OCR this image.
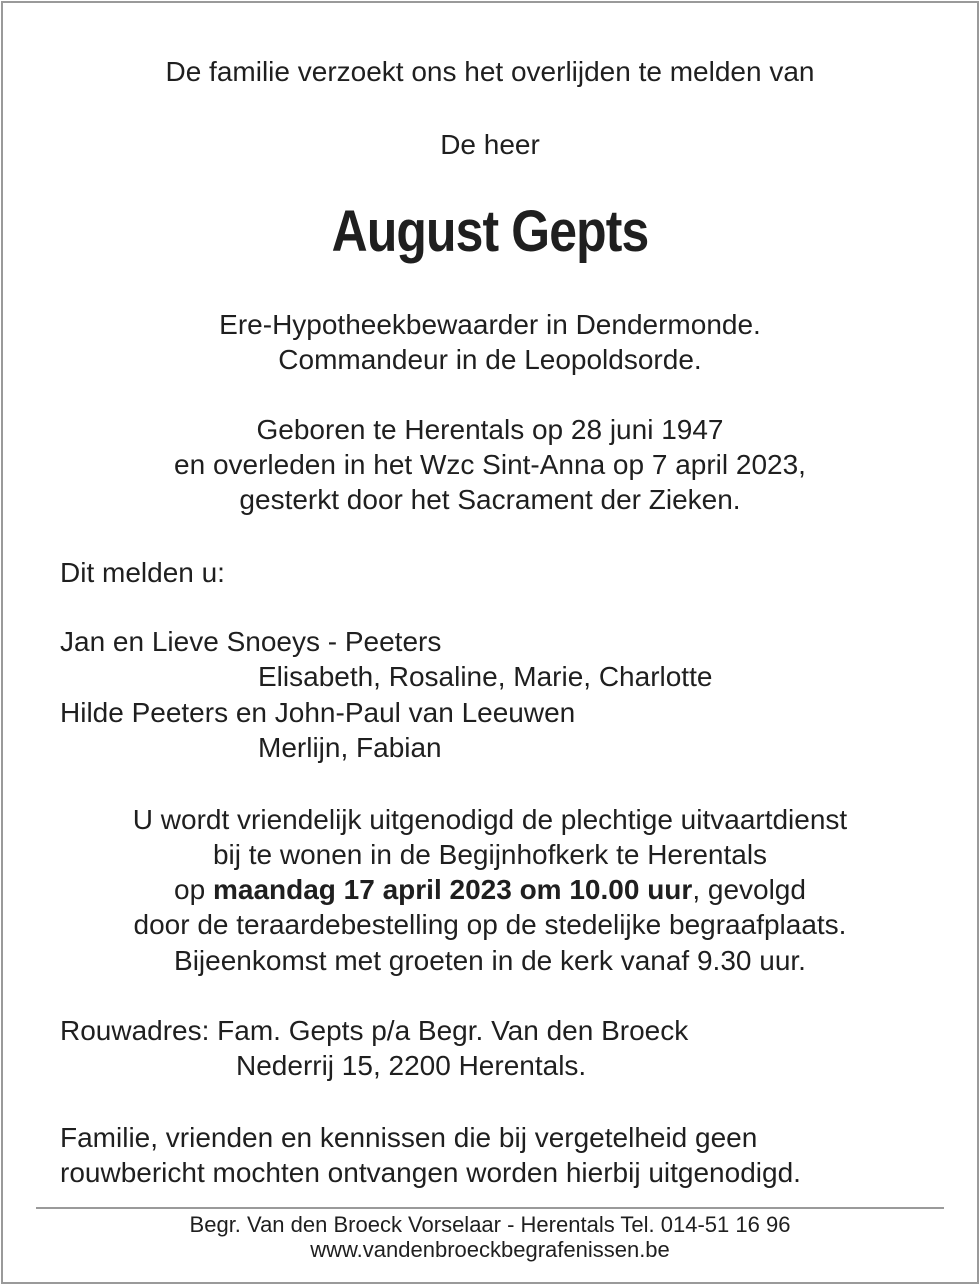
De familie verzoekt ons het overlijden te melden van
De heer
August Gepts
Ere-Hypotheekbewaarder in Dendermonde.
Commandeur in de Leopoldsorde.
Geboren te Herentals op 28 juni 1947
en overleden in het Wzc Sint-Anna op 7 april 2023,
gesterkt door het Sacrament der Zieken.
Dit melden u:
Jan en Lieve Snoeys - Peeters
Elisabeth, Rosaline, Marie, Charlotte
Hilde Peeters en John-Paul van Leeuwen
Merlijn, Fabian
U wordt vriendelijk uitgenodigd de plechtige uitvaartdienst
bij te wonen in de Begijnhofkerk te Herentals
op maandag 17 april 2023 om 10.00 uur, gevolgd
door de teraardebestelling op de stedelijke begraafplaats.
Bijeenkomst met groeten in de kerk vanaf 9.30 uur.
Rouwadres: Fam. Gepts p/a Begr. Van den Broeck
Nederrij 15, 2200 Herentals.
Familie, vrienden en kennissen die bij vergetelheid geen
rouwbericht mochten ontvangen worden hierbij uitgenodigd.
Begr. Van den Broeck Vorselaar - Herentals Tel. 014-51 16 96
www.vandenbroeckbegrafenissen.be
